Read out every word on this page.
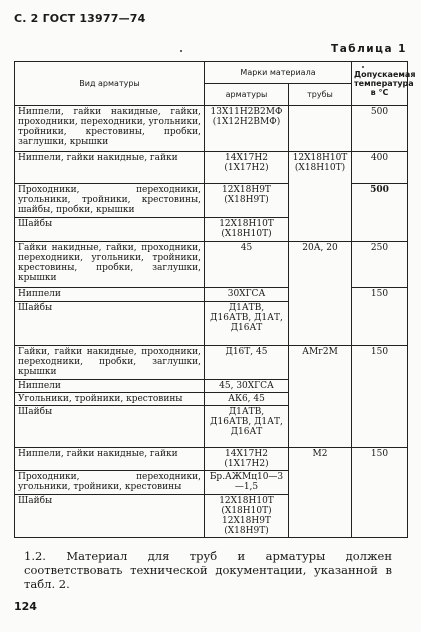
С. 2 ГОСТ 13977—74
Таблица 1
Вид арматуры	Марки материала		Допускаемая температура в °С
	арматуры	трубы	
Ниппели, гайки накидные, гайки, проходники, переходники, угольники, тройники, крестовины, пробки, заглушки, крышки	13Х11Н2В2МФ (1Х12Н2ВМФ)		500
Ниппели, гайки накидные, гайки	14Х17Н2 (1Х17Н2)	12Х18Н10Т (Х18Н10Т)	400
Проходники, переходники, угольники, тройники, крестовины, шайбы, пробки, крышки	12Х18Н9Т (Х18Н9Т)		500
Шайбы	12Х18Н10Т (Х18Н10Т)		
Гайки накидные, гайки, проходники, переходники, угольники, тройники, крестовины, пробки, заглушки, крышки	45	20А, 20	250
Ниппели	30ХГСА		150
Шайбы	Д1АТВ, Д16АТВ, Д1АТ, Д16АТ		
Гайки, гайки накидные, проходники, переходники, пробки, заглушки, крышки	Д16Т, 45	АМг2М	150
Ниппели	45, 30ХГСА		
Угольники, тройники, крестовины	АК6, 45		
Шайбы	Д1АТВ, Д16АТВ, Д1АТ, Д16АТ		
Ниппели, гайки накидные, гайки	14Х17Н2 (1Х17Н2)	М2	150
Проходники, переходники, угольники, тройники, крестовины	Бр.АЖМц10—3—1,5		
Шайбы	12Х18Н10Т (Х18Н10Т) 12Х18Н9Т (Х18Н9Т)		
1.2. Материал для труб и арматуры должен соответствовать технической документации, указанной в табл. 2.
124
